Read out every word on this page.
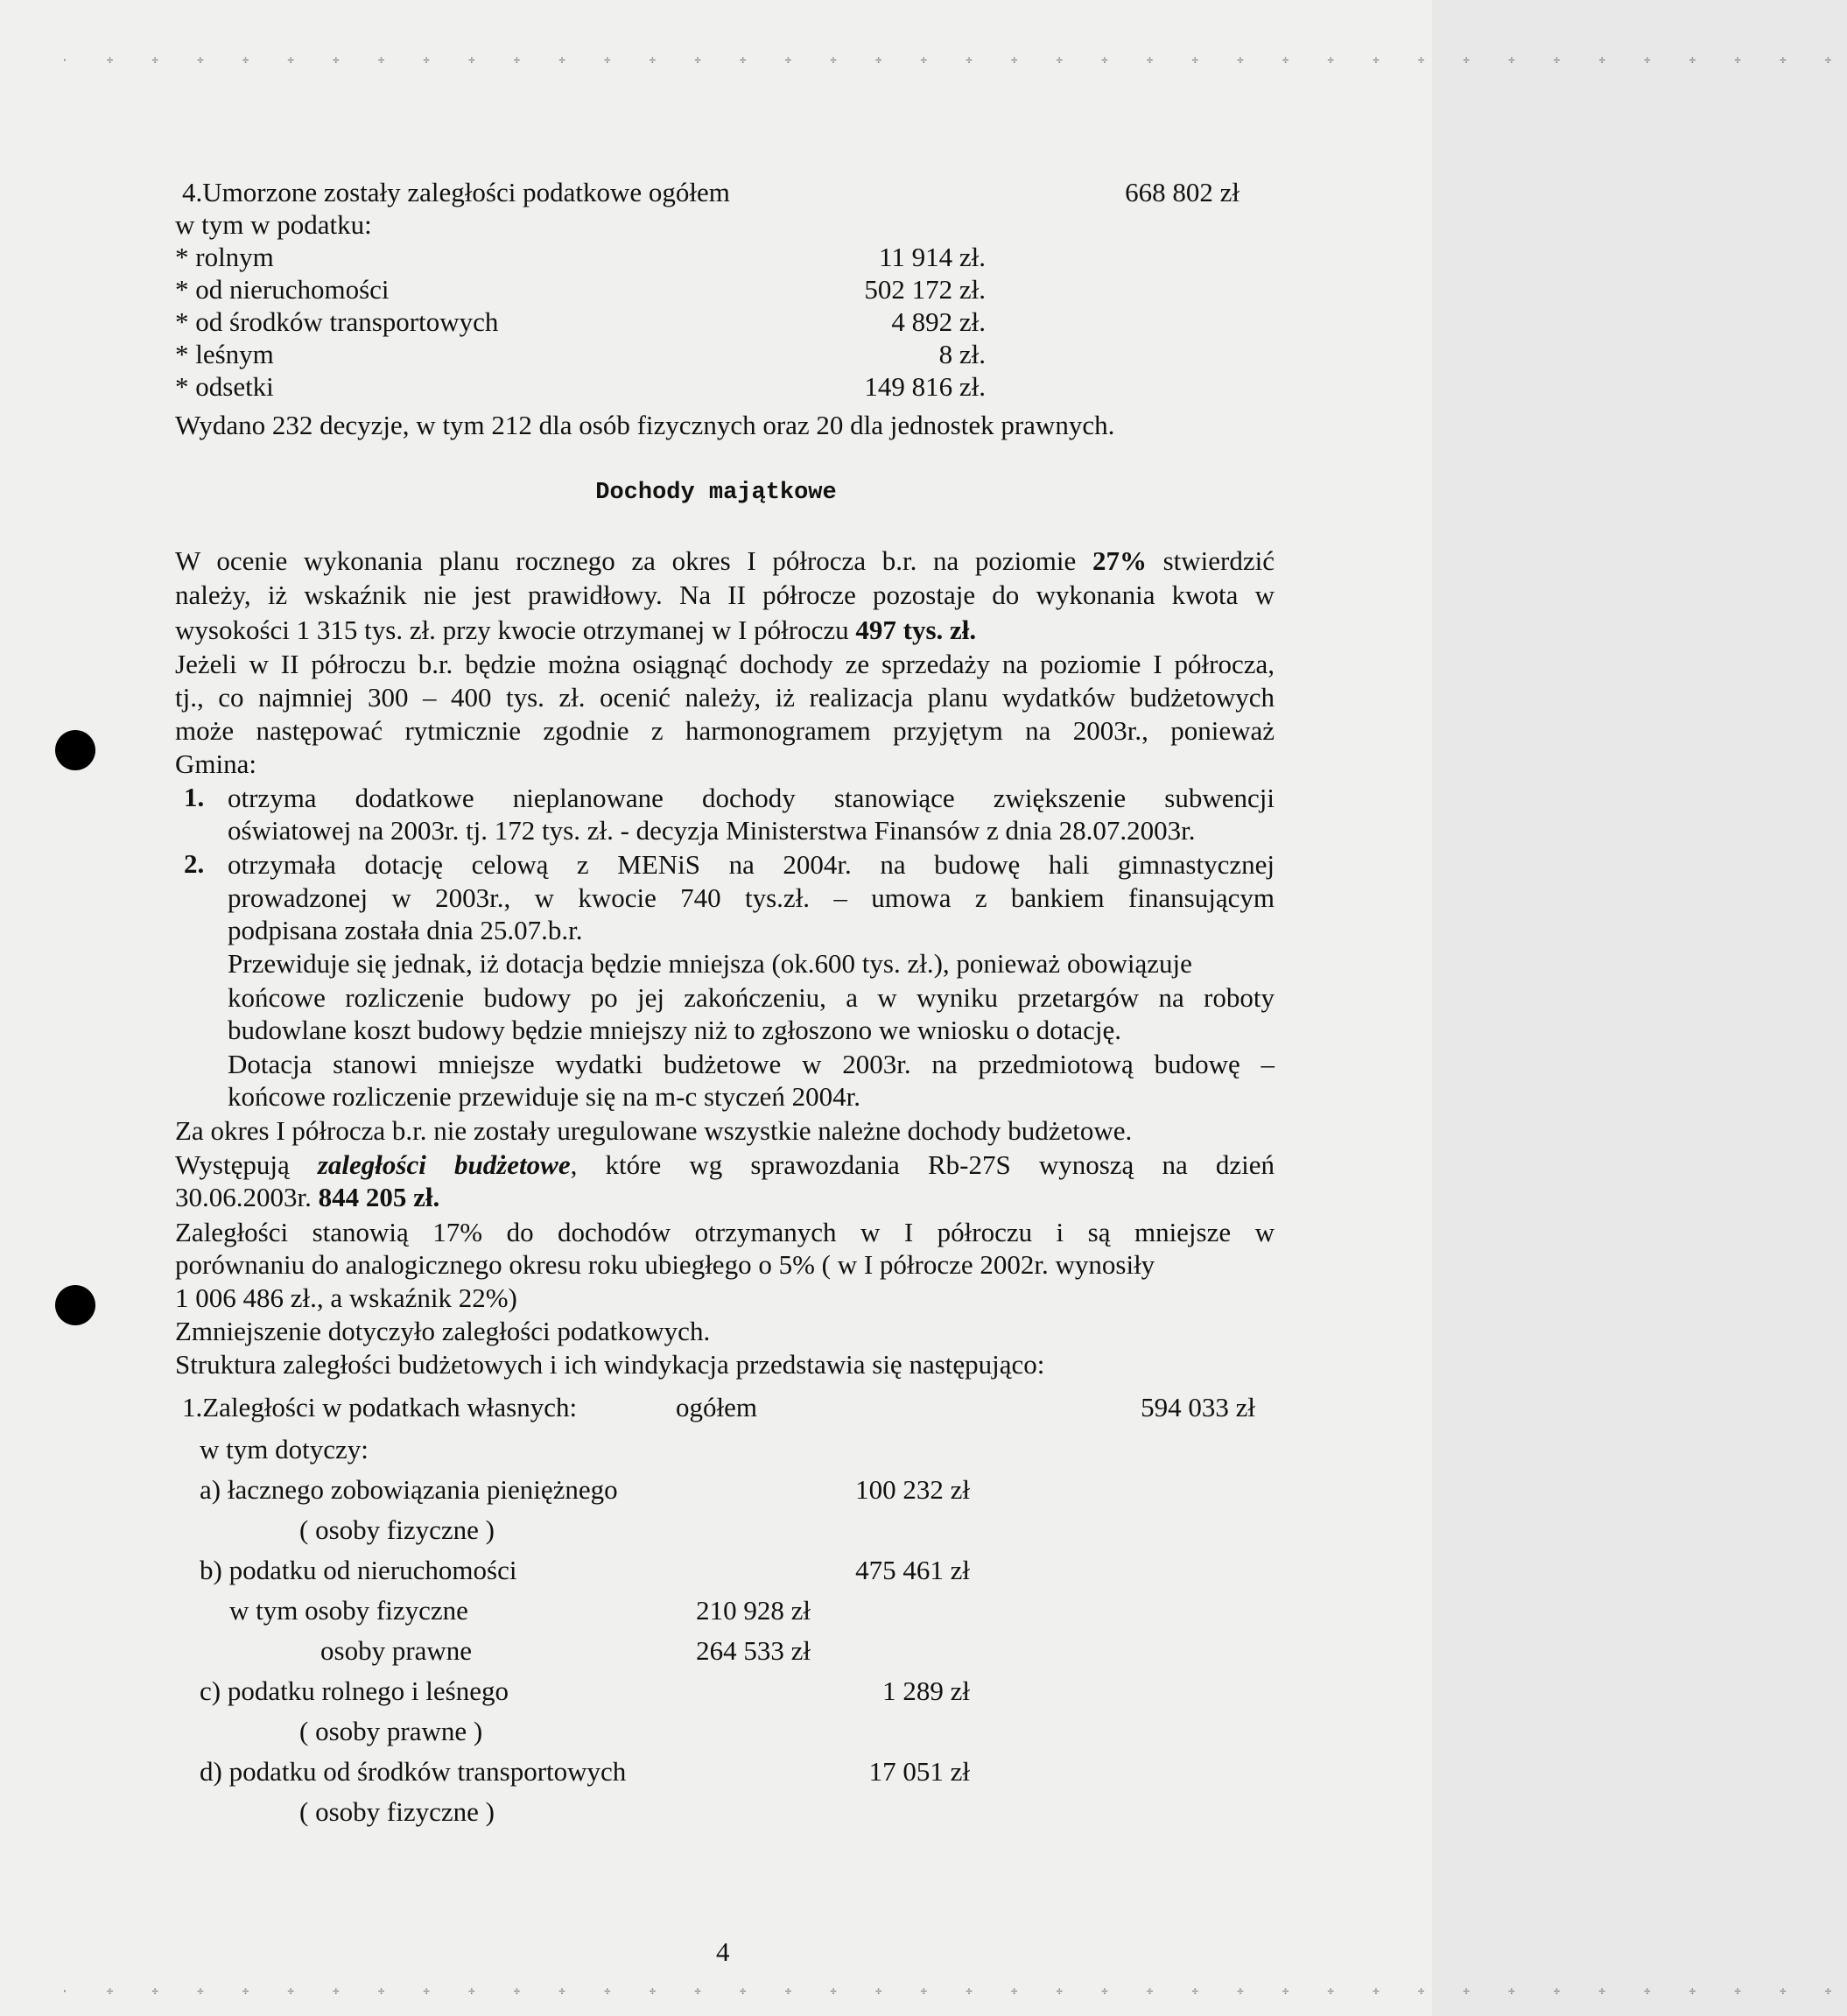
· ÷ ÷ ÷ ÷ ÷ ÷ ÷ ÷ ÷ ÷ ÷ ÷ ÷ ÷ ÷ ÷ ÷ ÷ ÷ ÷ ÷ ÷ ÷ ÷ ÷ ÷ ÷ ÷ ÷ ÷ ÷ ÷ ÷ ÷ ÷ ÷ ÷ ÷ ÷
· ÷ ÷ ÷ ÷ ÷ ÷ ÷ ÷ ÷ ÷ ÷ ÷ ÷ ÷ ÷ ÷ ÷ ÷ ÷ ÷ ÷ ÷ ÷ ÷ ÷ ÷ ÷ ÷ ÷ ÷ ÷ ÷ ÷ ÷ ÷ ÷ ÷ ÷ ÷
4.Umorzone zostały zaległości podatkowe ogółem	668 802 zł
w tym w podatku:
* rolnym	11 914 zł.
* od nieruchomości	502 172 zł.
* od środków transportowych	4 892 zł.
* leśnym	8 zł.
* odsetki	149 816 zł.
Wydano 232 decyzje, w tym 212 dla osób fizycznych oraz 20 dla jednostek prawnych.
Dochody majątkowe
W ocenie wykonania planu rocznego za okres I półrocza b.r. na poziomie 27% stwierdzić
należy, iż wskaźnik nie jest prawidłowy. Na II półrocze pozostaje do wykonania kwota w
wysokości 1 315 tys. zł. przy kwocie otrzymanej w I półroczu 497 tys. zł.
Jeżeli w II półroczu b.r. będzie można osiągnąć dochody ze sprzedaży na poziomie I półrocza,
tj., co najmniej 300 – 400 tys. zł. ocenić należy, iż realizacja planu wydatków budżetowych
może następować rytmicznie zgodnie z harmonogramem przyjętym na 2003r., ponieważ
Gmina:
1. otrzyma dodatkowe nieplanowane dochody stanowiące zwiększenie subwencji
oświatowej na 2003r. tj. 172 tys. zł. - decyzja Ministerstwa Finansów z dnia 28.07.2003r.
2. otrzymała dotację celową z MENiS na 2004r. na budowę hali gimnastycznej
prowadzonej w 2003r., w kwocie 740 tys.zł. – umowa z bankiem finansującym
podpisana została dnia 25.07.b.r.
Przewiduje się jednak, iż dotacja będzie mniejsza (ok.600 tys. zł.), ponieważ obowiązuje
końcowe rozliczenie budowy po jej zakończeniu, a w wyniku przetargów na roboty
budowlane koszt budowy będzie mniejszy niż to zgłoszono we wniosku o dotację.
Dotacja stanowi mniejsze wydatki budżetowe w 2003r. na przedmiotową budowę –
końcowe rozliczenie przewiduje się na m-c styczeń 2004r.
Za okres I półrocza b.r. nie zostały uregulowane wszystkie należne dochody budżetowe.
Występują zaległości budżetowe, które wg sprawozdania Rb-27S wynoszą na dzień
30.06.2003r. 844 205 zł.
Zaległości stanowią 17% do dochodów otrzymanych w I półroczu i są mniejsze w
porównaniu do analogicznego okresu roku ubiegłego o 5% ( w I półrocze 2002r. wynosiły
1 006 486 zł., a wskaźnik 22%)
Zmniejszenie dotyczyło zaległości podatkowych.
Struktura zaległości budżetowych i ich windykacja przedstawia się następująco:
1.Zaległości w podatkach własnych:	ogółem	594 033 zł
w tym dotyczy:
a) łacznego zobowiązania pieniężnego	100 232 zł
( osoby fizyczne )
b) podatku od nieruchomości	475 461 zł
w tym osoby fizyczne	210 928 zł
osoby prawne	264 533 zł
c) podatku rolnego i leśnego	1 289 zł
( osoby prawne )
d) podatku od środków transportowych	17 051 zł
( osoby fizyczne )
4
